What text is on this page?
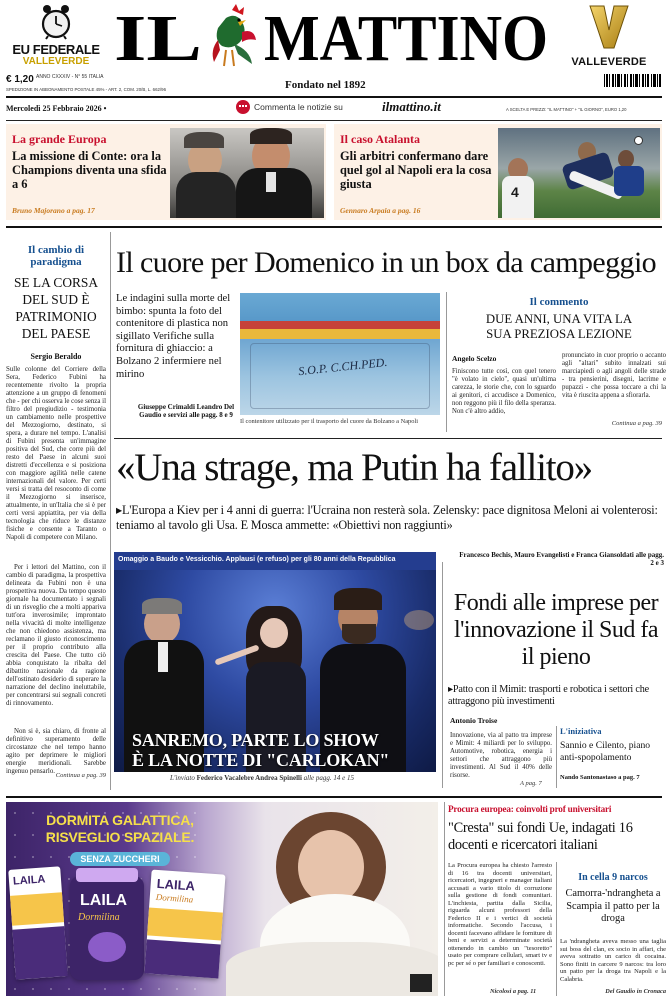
EU FEDERALE
VALLEVERDE IL MATTINO	VALLEVERDE
€ 1,20 ANNO CXXXIV - N° 55 ITALIA
SPEDIZIONE IN ABBONAMENTO POSTALE 45% - ART. 2, COM. 20/B, L. 662/96	Fondato nel 1892
Mercoledì 25 Febbraio 2026 •	Commenta le notizie su	ilmattino.it	A SCELTA E PREZZI: "IL MATTINO" + "IL GIORNO", EURO 1,20
La grande Europa
La missione di Conte: ora la Champions diventa una sfida a 6
Bruno Majorano a pag. 17
Il caso Atalanta
Gli arbitri confermano dare quel gol al Napoli era la cosa giusta
Gennaro Arpaia a pag. 16
4
Il cambio di paradigma
SE LA CORSA DEL SUD È PATRIMONIO DEL PAESE
Sergio Beraldo
Sulle colonne del Corriere della Sera, Federico Fubini ha recentemente rivolto la propria attenzione a un gruppo di fenomeni che - per chi osserva le cose senza il filtro del pregiudizio - testimonia un cambiamento nelle prospettive del Mezzogiorno, destinato, si spera, a durare nel tempo. L'analisi di Fubini presenta un'immagine positiva del Sud, che corre più del resto del Paese in alcuni suoi distretti d'eccellenza e si posiziona con maggiore agilità nelle catene internazionali del valore. Per certi versi si tratta del resoconto di come il Mezzogiorno si inserisce, attualmente, in un'Italia che si è per certi versi appiattita, per via della tecnologia che riduce le distanze fisiche e consente a Taranto o Napoli di competere con Milano.
Per i lettori del Mattino, con il cambio di paradigma, la prospettiva delineata da Fubini non è una prospettiva nuova. Da tempo questo giornale ha documentato i segnali di un risveglio che a molti appariva tutt'ora inverosimile; improntato nella vivacità di molte intelligenze che non chiedono assistenza, ma reclamano il giusto riconoscimento per il proprio contributo alla crescita del Paese. Che tutto ciò abbia conquistato la ribalta del dibattito nazionale da ragione dell'ostinato desiderio di superare la narrazione del declino ineluttabile, per concentrarsi sui segnali concreti di rinnovamento.
Non si è, sia chiaro, di fronte al definitivo superamento delle circostanze che nel tempo hanno agito per deprimere le migliori energie meridionali. Sarebbe ingenuo pensarlo.
Continua a pag. 39
Il cuore per Domenico in un box da campeggio
Le indagini sulla morte del bimbo: spunta la foto del contenitore di plastica non sigillato Verifiche sulla fornitura di ghiaccio: a Bolzano 2 infermiere nel mirino
Giuseppe Crimaldi Leandro Del Gaudio e servizi alle pagg. 8 e 9
S.O.P. C.CH.PED.
Il contenitore utilizzato per il trasporto del cuore da Bolzano a Napoli
Il commento
DUE ANNI, UNA VITA LA SUA PREZIOSA LEZIONE
Angelo Scelzo
Finiscono tutte così, con quel tenero "è volato in cielo", quasi un'ultima carezza, le storie che, con lo sguardo ai genitori, ci accudisce a Domenico, non reggono più il filo della speranza. Non c'è altro addio,
pronunciato in cuor proprio o accanto agli "altari" subito innalzati sui marciapiedi o agli angoli delle strade - tra pensierini, disegni, lacrime e pupazzi - che possa toccare a chi la vita è riuscita appena a sfiorarla.
Continua a pag. 39
«Una strage, ma Putin ha fallito»
▸L'Europa a Kiev per i 4 anni di guerra: l'Ucraina non resterà sola. Zelensky: pace dignitosa Meloni ai volenterosi: teniamo al tavolo gli Usa. E Mosca ammette: «Obiettivi non raggiunti»
Francesco Bechis, Mauro Evangelisti e Franca Giansoldati alle pagg. 2 e 3
Omaggio a Baudo e Vessicchio. Applausi (e refuso) per gli 80 anni della Repubblica
SANREMO, PARTE LO SHOW
È LA NOTTE DI "CARLOKAN"
L'inviato Federico Vacalebre Andrea Spinelli alle pagg. 14 e 15
Fondi alle imprese per l'innovazione il Sud fa il pieno
▸Patto con il Mimit: trasporti e robotica i settori che attraggono più investimenti
Antonio Troise
Innovazione, via al patto tra imprese e Mimit: 4 miliardi per lo sviluppo. Automotive, robotica, energia i settori che attraggono più investimenti. Al Sud il 40% delle risorse.
A pag. 7
L'iniziativa
Sannio e Cilento, piano anti-spopolamento
Nando Santonastaso a pag. 7
DORMITA GALATTICA,
RISVEGLIO SPAZIALE.
SENZA ZUCCHERI
LAILA
LAILA
Dormilina
LAILA
Dormilina
Procura europea: coinvolti prof universitari
"Cresta" sui fondi Ue, indagati 16 docenti e ricercatori italiani
La Procura europea ha chiesto l'arresto di 16 tra docenti universitari, ricercatori, ingegneri e manager italiani accusati a vario titolo di corruzione sulla gestione di fondi comunitari. L'inchiesta, partita dalla Sicilia, riguarda alcuni professori della Federico II e i vertici di società informatiche. Secondo l'accusa, i docenti facevano affidare le forniture di beni e servizi a determinate società ottenendo in cambio un "tesoretto" usato per comprare cellulari, smart tv e pc per sé o per familiari e conoscenti.
Nicolosi a pag. 11
In cella 9 narcos
Camorra-'ndrangheta a Scampia il patto per la droga
La 'ndrangheta aveva messo una taglia sui boss del clan, ex socio in affari, che aveva sottratto un carico di cocaina. Sono finiti in carcere 9 narcos: tra loro un patto per la droga tra Napoli e la Calabria.
Del Gaudio in Cronaca
